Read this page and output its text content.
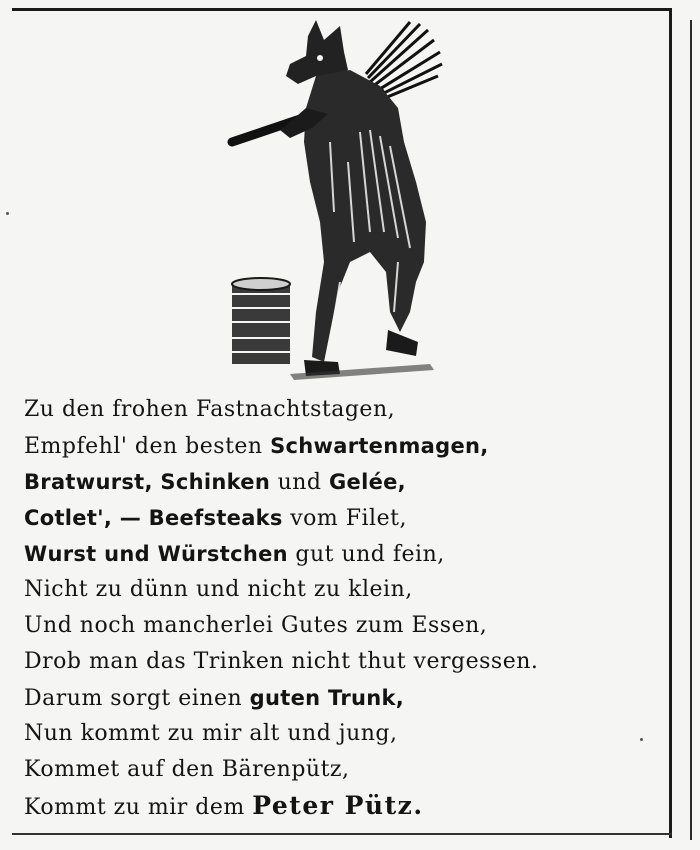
Zu den frohen Fastnachtstagen,
Empfehl' den besten Schwartenmagen,
Bratwurst, Schinken und Gelée,
Cotlet', — Beefsteaks vom Filet,
Wurst und Würstchen gut und fein,
Nicht zu dünn und nicht zu klein,
Und noch mancherlei Gutes zum Essen,
Drob man das Trinken nicht thut vergessen.
Darum sorgt einen guten Trunk,
Nun kommt zu mir alt und jung,
Kommet auf den Bärenpütz,
Kommt zu mir dem Peter Pütz.
